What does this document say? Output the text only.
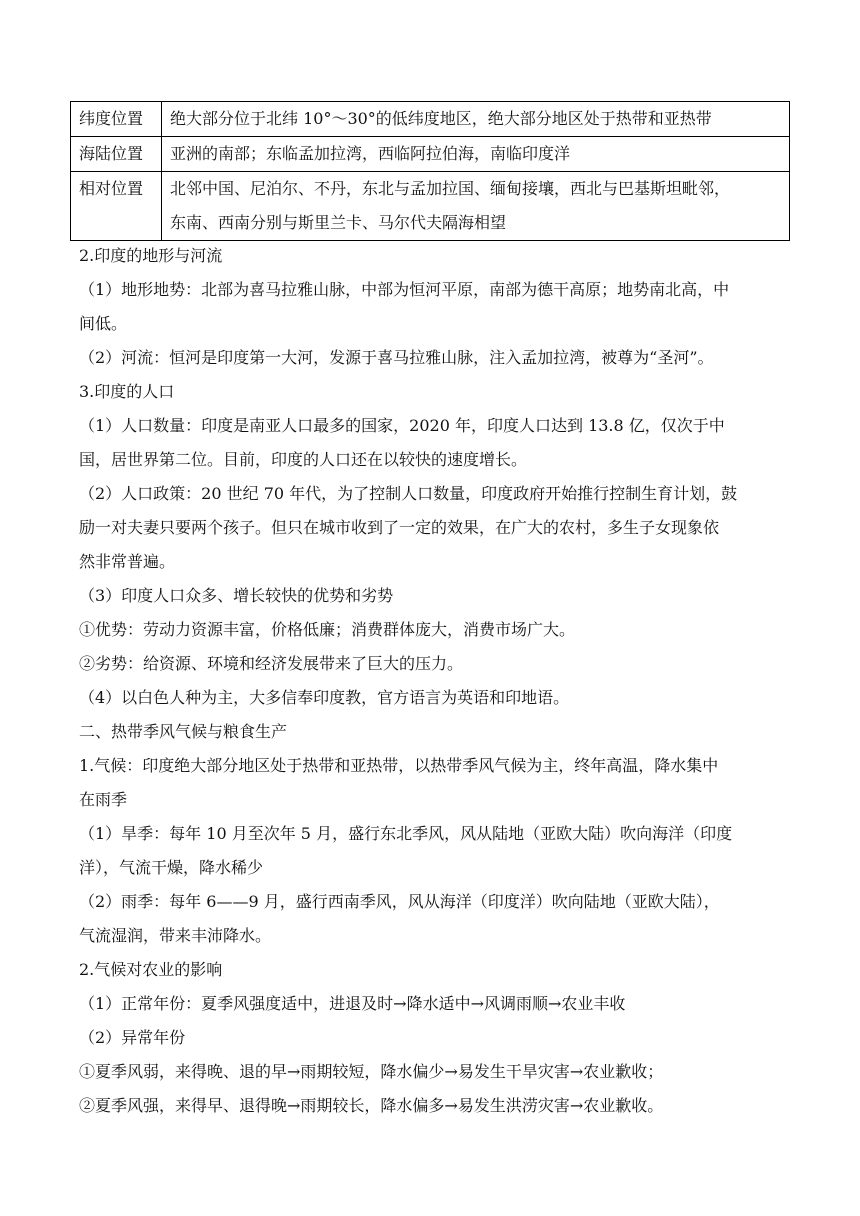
纬度位置	绝大部分位于北纬 10°～30°的低纬度地区，绝大部分地区处于热带和亚热带

海陆位置	亚洲的南部；东临孟加拉湾，西临阿拉伯海，南临印度洋

相对位置	北邻中国、尼泊尔、不丹，东北与孟加拉国、缅甸接壤，西北与巴基斯坦毗邻，
东南、西南分别与斯里兰卡、马尔代夫隔海相望
2.印度的地形与河流
（1）地形地势：北部为喜马拉雅山脉，中部为恒河平原，南部为德干高原；地势南北高，中
间低。
（2）河流：恒河是印度第一大河，发源于喜马拉雅山脉，注入孟加拉湾，被尊为“圣河”。
3.印度的人口
（1）人口数量：印度是南亚人口最多的国家，2020 年，印度人口达到 13.8 亿，仅次于中
国，居世界第二位。目前，印度的人口还在以较快的速度增长。
（2）人口政策：20 世纪 70 年代，为了控制人口数量，印度政府开始推行控制生育计划，鼓
励一对夫妻只要两个孩子。但只在城市收到了一定的效果，在广大的农村，多生子女现象依
然非常普遍。
（3）印度人口众多、增长较快的优势和劣势
①优势：劳动力资源丰富，价格低廉；消费群体庞大，消费市场广大。
②劣势：给资源、环境和经济发展带来了巨大的压力。
（4）以白色人种为主，大多信奉印度教，官方语言为英语和印地语。
二、热带季风气候与粮食生产
1.气候：印度绝大部分地区处于热带和亚热带，以热带季风气候为主，终年高温，降水集中
在雨季
（1）旱季：每年 10 月至次年 5 月，盛行东北季风，风从陆地（亚欧大陆）吹向海洋（印度
洋），气流干燥，降水稀少
（2）雨季：每年 6——9 月，盛行西南季风，风从海洋（印度洋）吹向陆地（亚欧大陆），
气流湿润，带来丰沛降水。
2.气候对农业的影响
（1）正常年份：夏季风强度适中，进退及时→降水适中→风调雨顺→农业丰收
（2）异常年份
①夏季风弱，来得晚、退的早→雨期较短，降水偏少→易发生干旱灾害→农业歉收；
②夏季风强，来得早、退得晚→雨期较长，降水偏多→易发生洪涝灾害→农业歉收。
